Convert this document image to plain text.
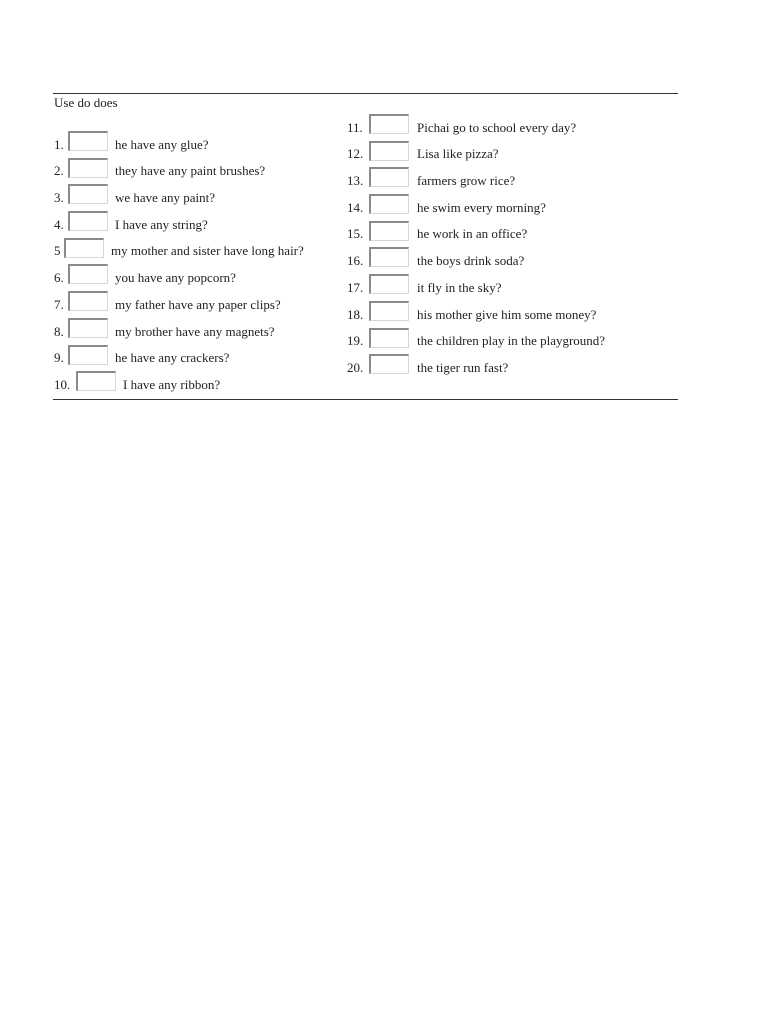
Use do does
1.	he have any glue?
2.	they have any paint brushes?
3.	we have any paint?
4.	I have any string?
5	my mother and sister have long hair?
6.	you have any popcorn?
7.	my father have any paper clips?
8.	my brother have any magnets?
9.	he have any crackers?
10.	I have any ribbon?
11.	Pichai go to school every day?
12.	Lisa like pizza?
13.	farmers grow rice?
14.	he swim every morning?
15.	he work in an office?
16.	the boys drink soda?
17.	it fly in the sky?
18.	his mother give him some money?
19.	the children play in the playground?
20.	the tiger run fast?
